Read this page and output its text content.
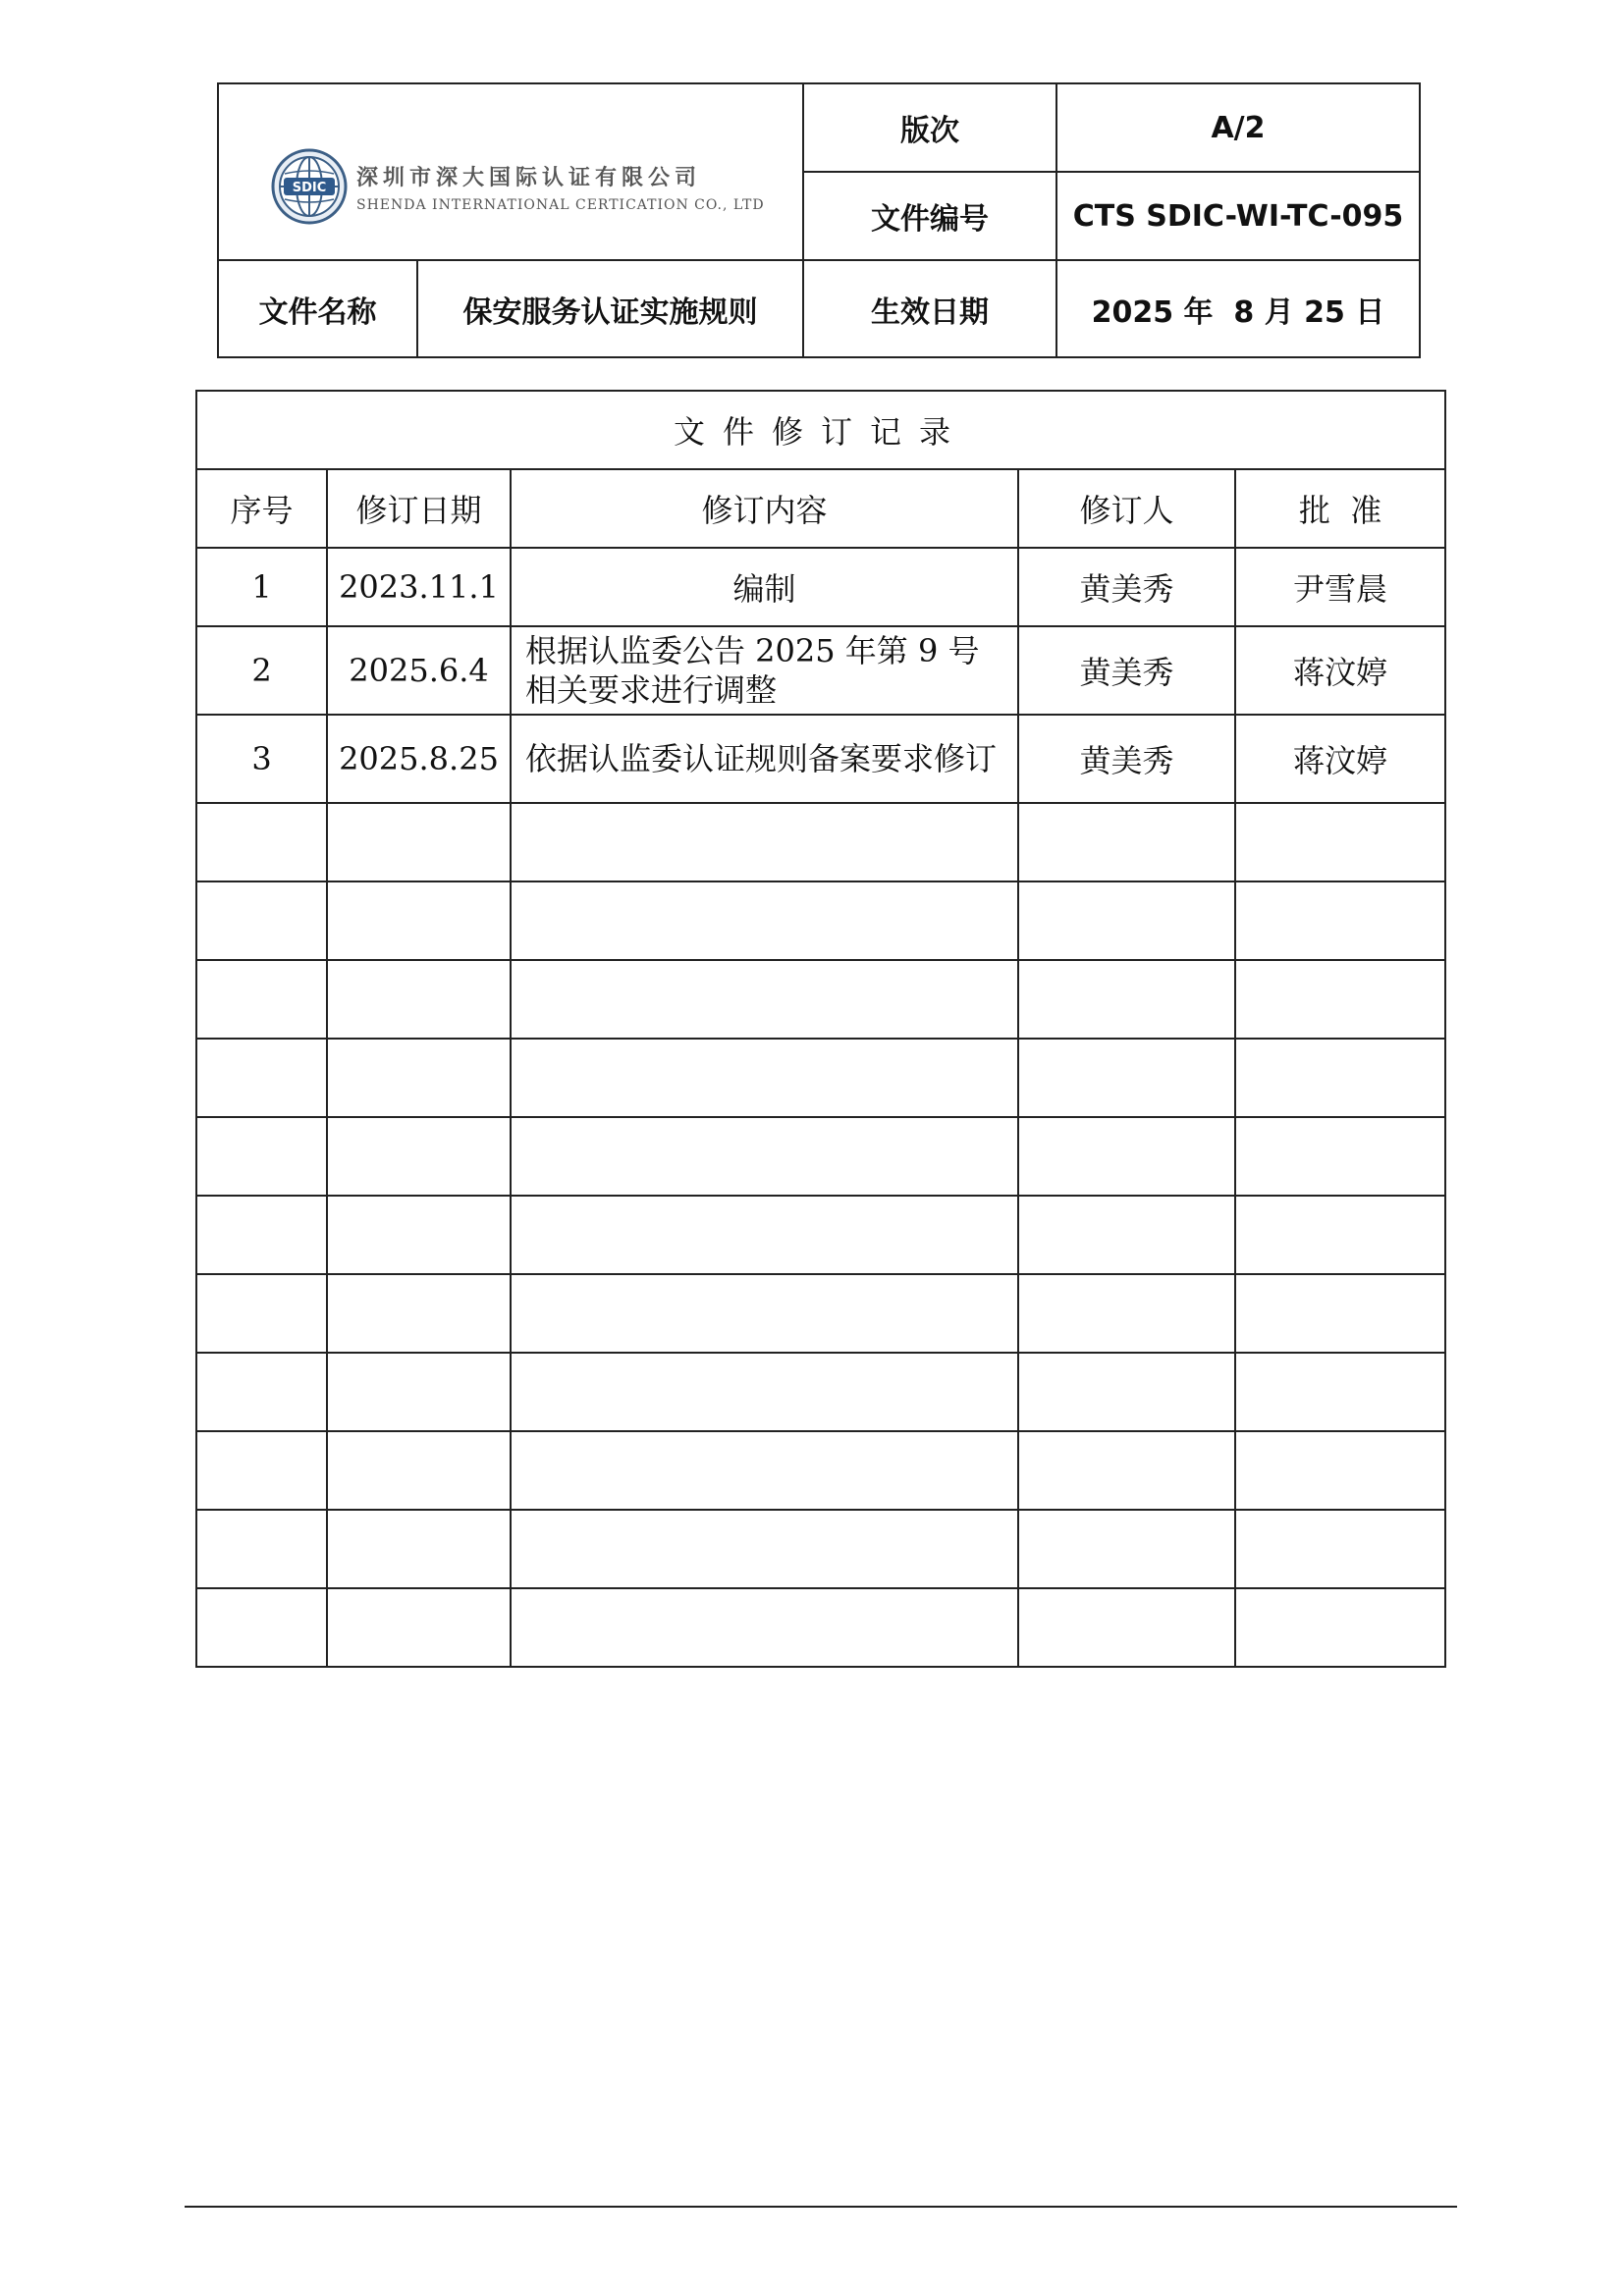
SDIC 深圳市深大国际认证有限公司
SHENDA INTERNATIONAL CERTICATION CO., LTD		版次	A/2
		文件编号	CTS SDIC-WI-TC-095
文件名称	保安服务认证实施规则	生效日期	2025 年  8 月 25 日
文件修订记录				
序号	修订日期	修订内容	修订人	批  准
1	2023.11.1	编制	黄美秀	尹雪晨
2	2025.6.4	根据认监委公告 2025 年第 9 号相关要求进行调整	黄美秀	蒋汶婷
3	2025.8.25	依据认监委认证规则备案要求修订	黄美秀	蒋汶婷
